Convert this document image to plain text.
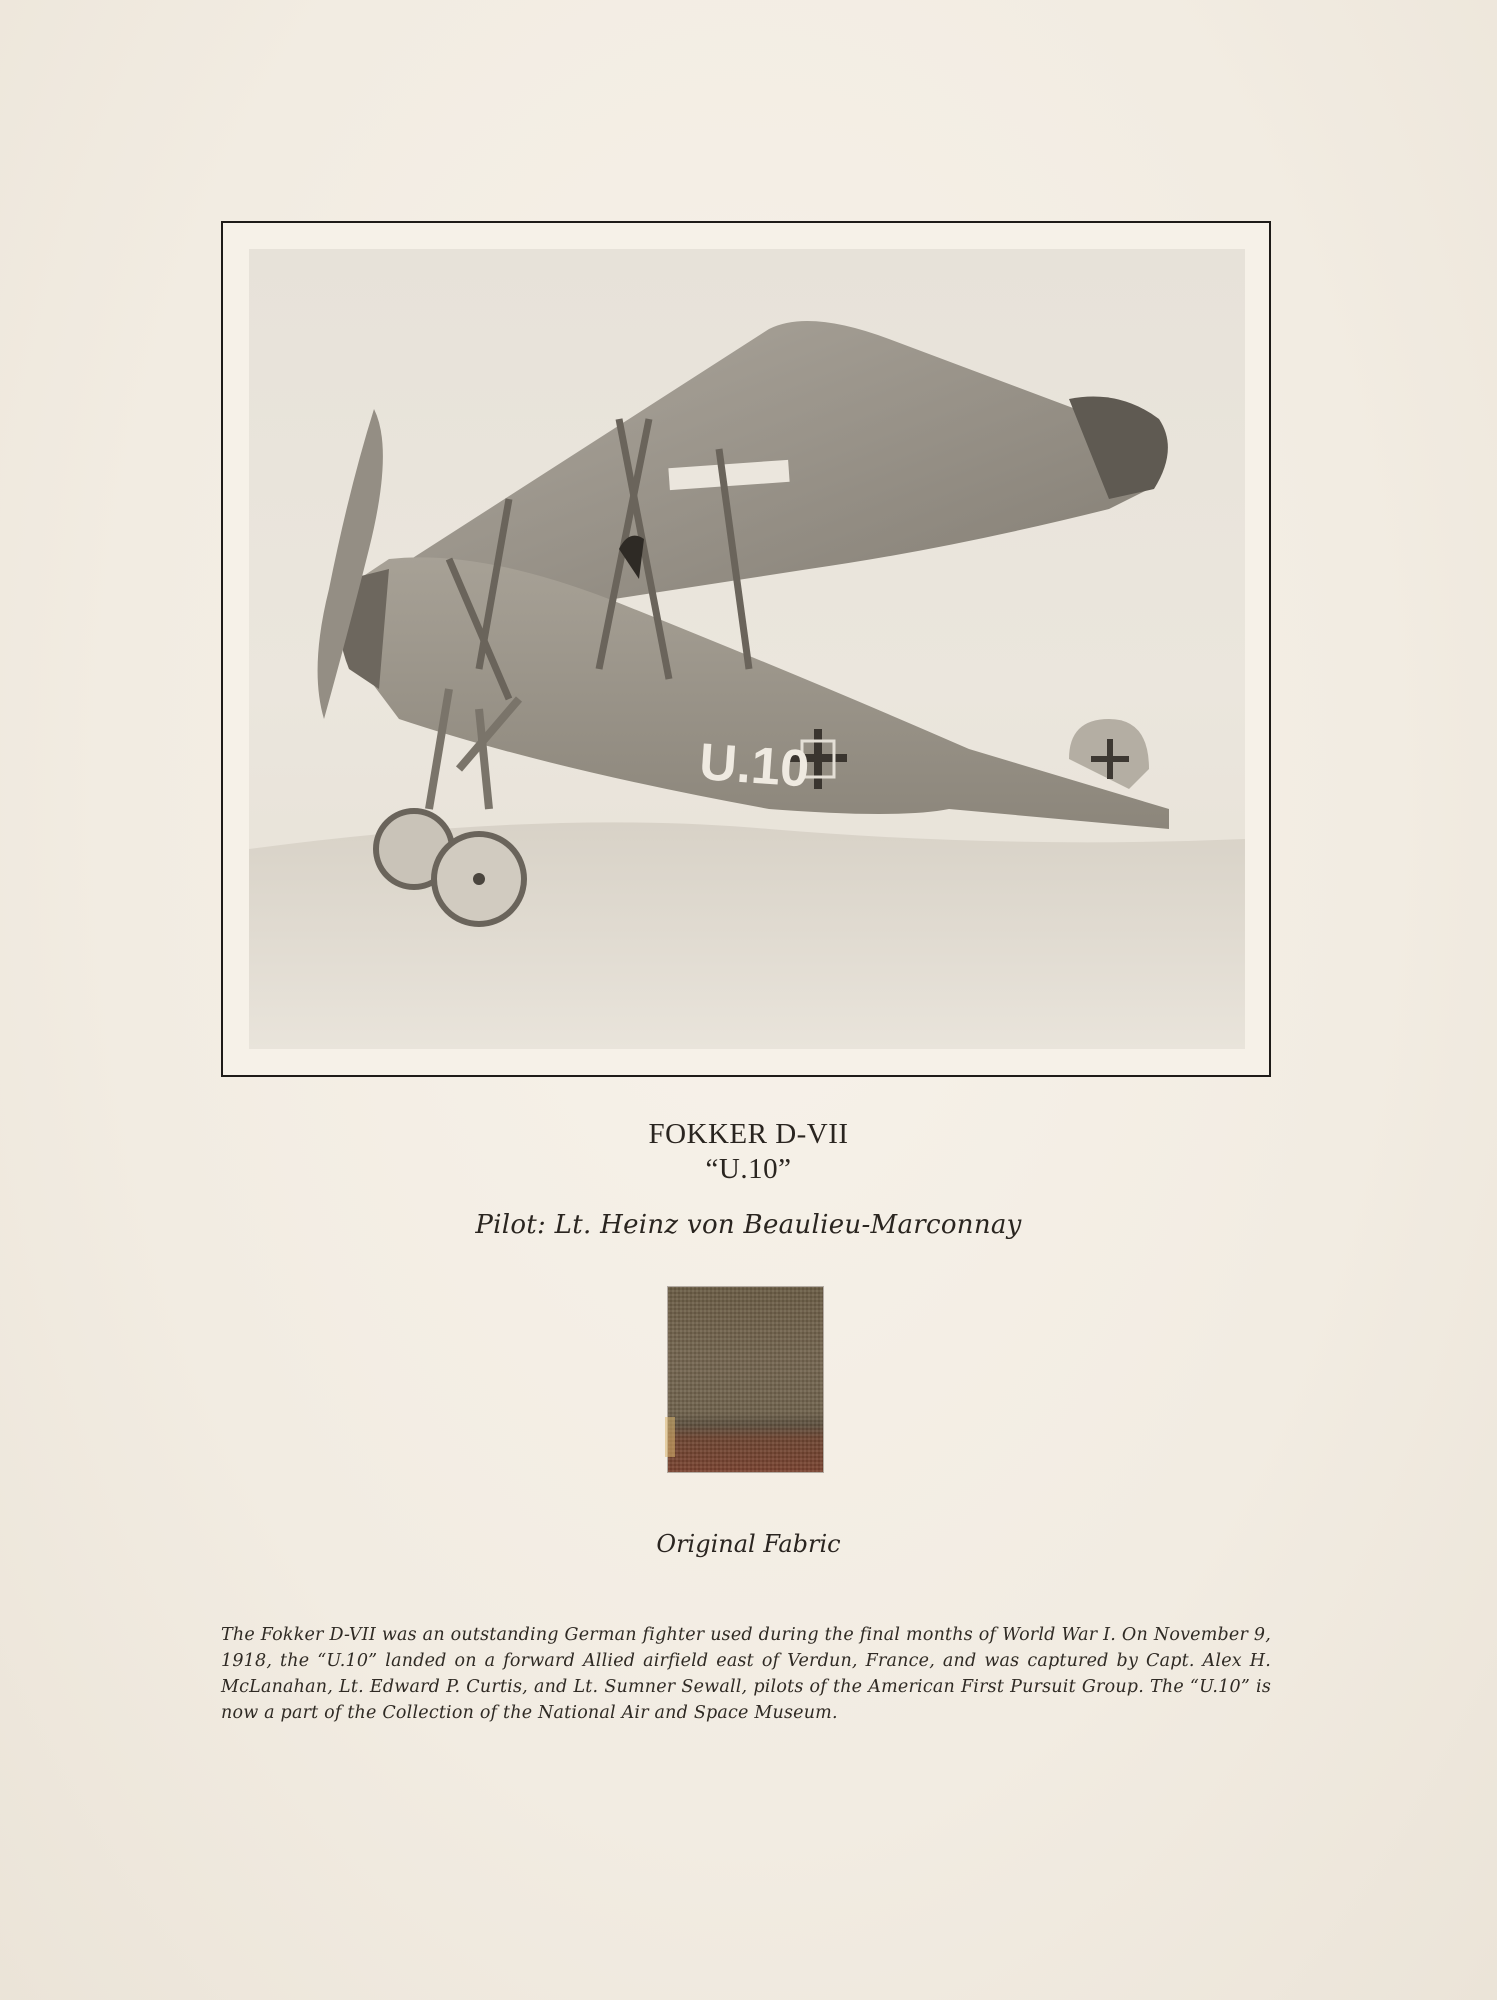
U.10
FOKKER D-VII
“U.10”
Pilot: Lt. Heinz von Beaulieu-Marconnay
Original Fabric
The Fokker D-VII was an outstanding German fighter used during the final months of World War I. On November 9, 1918, the “U.10” landed on a forward Allied airfield east of Verdun, France, and was captured by Capt. Alex H. McLanahan, Lt. Edward P. Curtis, and Lt. Sumner Sewall, pilots of the American First Pursuit Group. The “U.10” is now a part of the Collection of the National Air and Space Museum.
